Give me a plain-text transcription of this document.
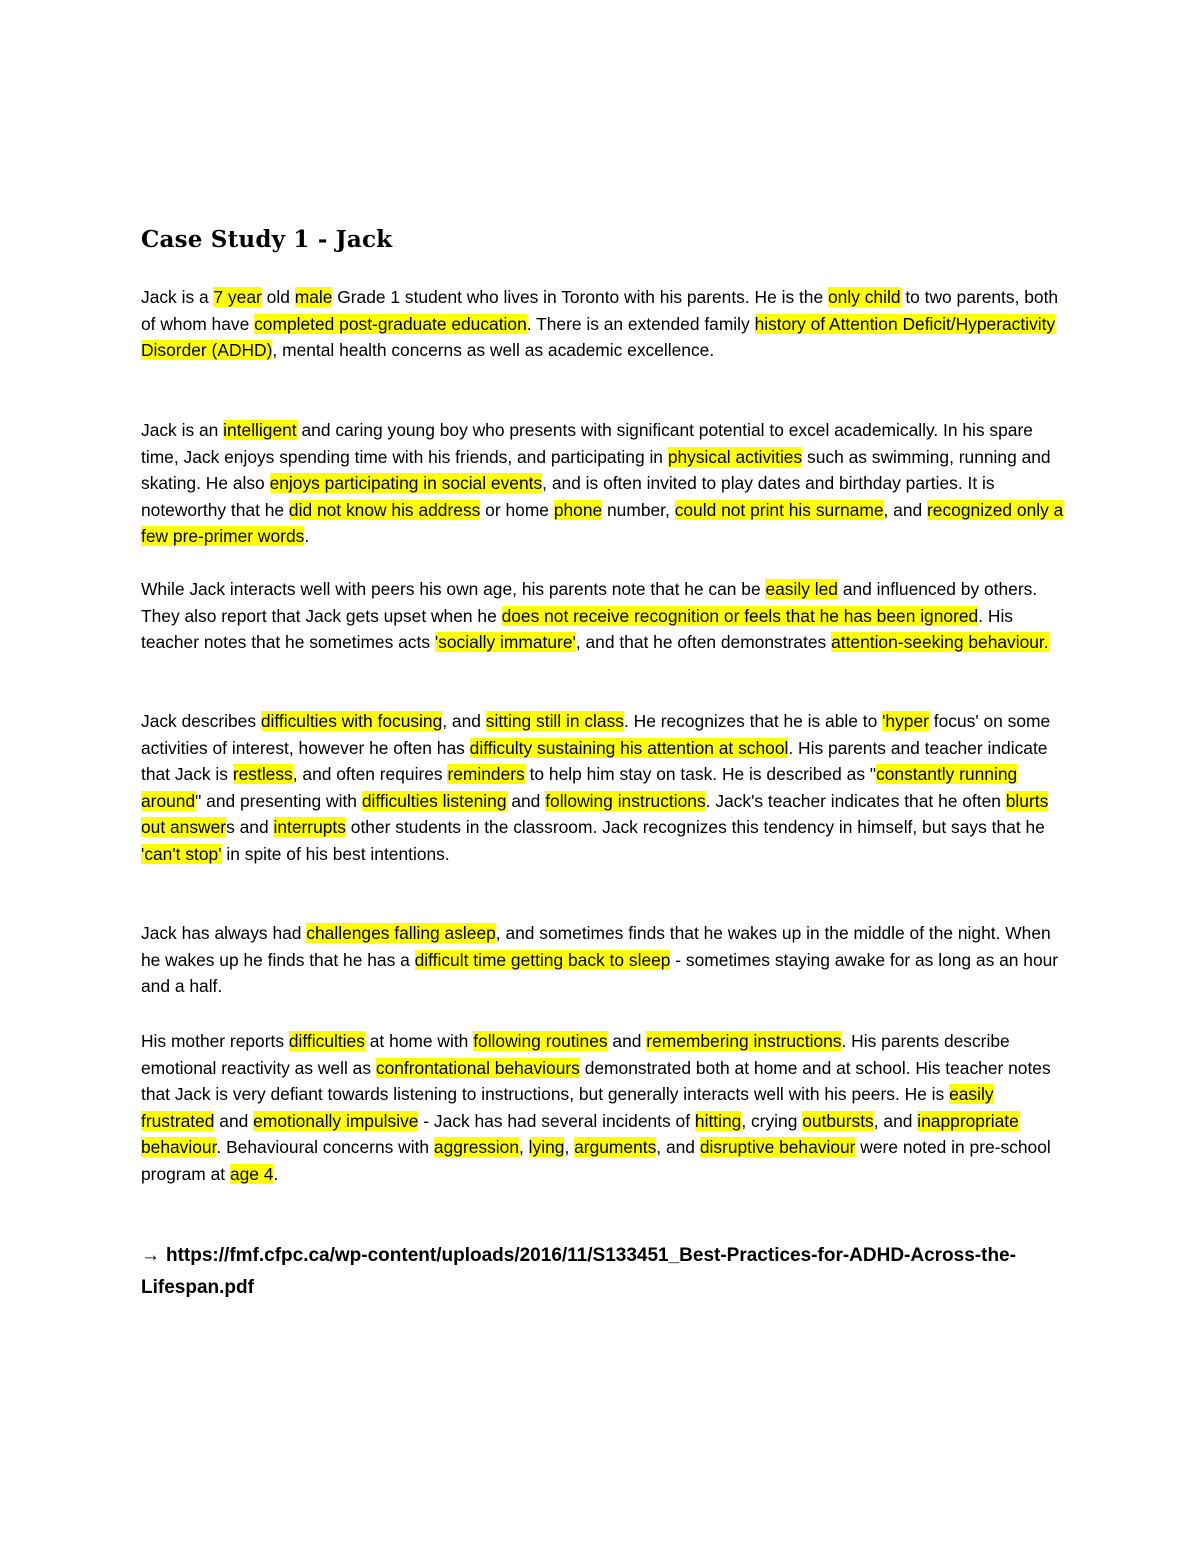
Case Study 1 - Jack

Jack is a 7 year old male Grade 1 student who lives in Toronto with his parents. He is the only child to two parents, both of whom have completed post-graduate education. There is an extended family history of Attention Deficit/Hyperactivity Disorder (ADHD), mental health concerns as well as academic excellence.

Jack is an intelligent and caring young boy who presents with significant potential to excel academically. In his spare time, Jack enjoys spending time with his friends, and participating in physical activities such as swimming, running and skating. He also enjoys participating in social events, and is often invited to play dates and birthday parties. It is noteworthy that he did not know his address or home phone number, could not print his surname, and recognized only a few pre-primer words.

While Jack interacts well with peers his own age, his parents note that he can be easily led and influenced by others. They also report that Jack gets upset when he does not receive recognition or feels that he has been ignored. His teacher notes that he sometimes acts 'socially immature', and that he often demonstrates attention-seeking behaviour.

Jack describes difficulties with focusing, and sitting still in class. He recognizes that he is able to 'hyper focus' on some activities of interest, however he often has difficulty sustaining his attention at school. His parents and teacher indicate that Jack is restless, and often requires reminders to help him stay on task. He is described as "constantly running around" and presenting with difficulties listening and following instructions. Jack's teacher indicates that he often blurts out answers and interrupts other students in the classroom. Jack recognizes this tendency in himself, but says that he 'can't stop' in spite of his best intentions.

Jack has always had challenges falling asleep, and sometimes finds that he wakes up in the middle of the night. When he wakes up he finds that he has a difficult time getting back to sleep - sometimes staying awake for as long as an hour and a half.

His mother reports difficulties at home with following routines and remembering instructions. His parents describe emotional reactivity as well as confrontational behaviours demonstrated both at home and at school. His teacher notes that Jack is very defiant towards listening to instructions, but generally interacts well with his peers. He is easily frustrated and emotionally impulsive - Jack has had several incidents of hitting, crying outbursts, and inappropriate behaviour. Behavioural concerns with aggression, lying, arguments, and disruptive behaviour were noted in pre-school program at age 4.

→ https://fmf.cfpc.ca/wp-content/uploads/2016/11/S133451_Best-Practices-for-ADHD-Across-the-Lifespan.pdf
